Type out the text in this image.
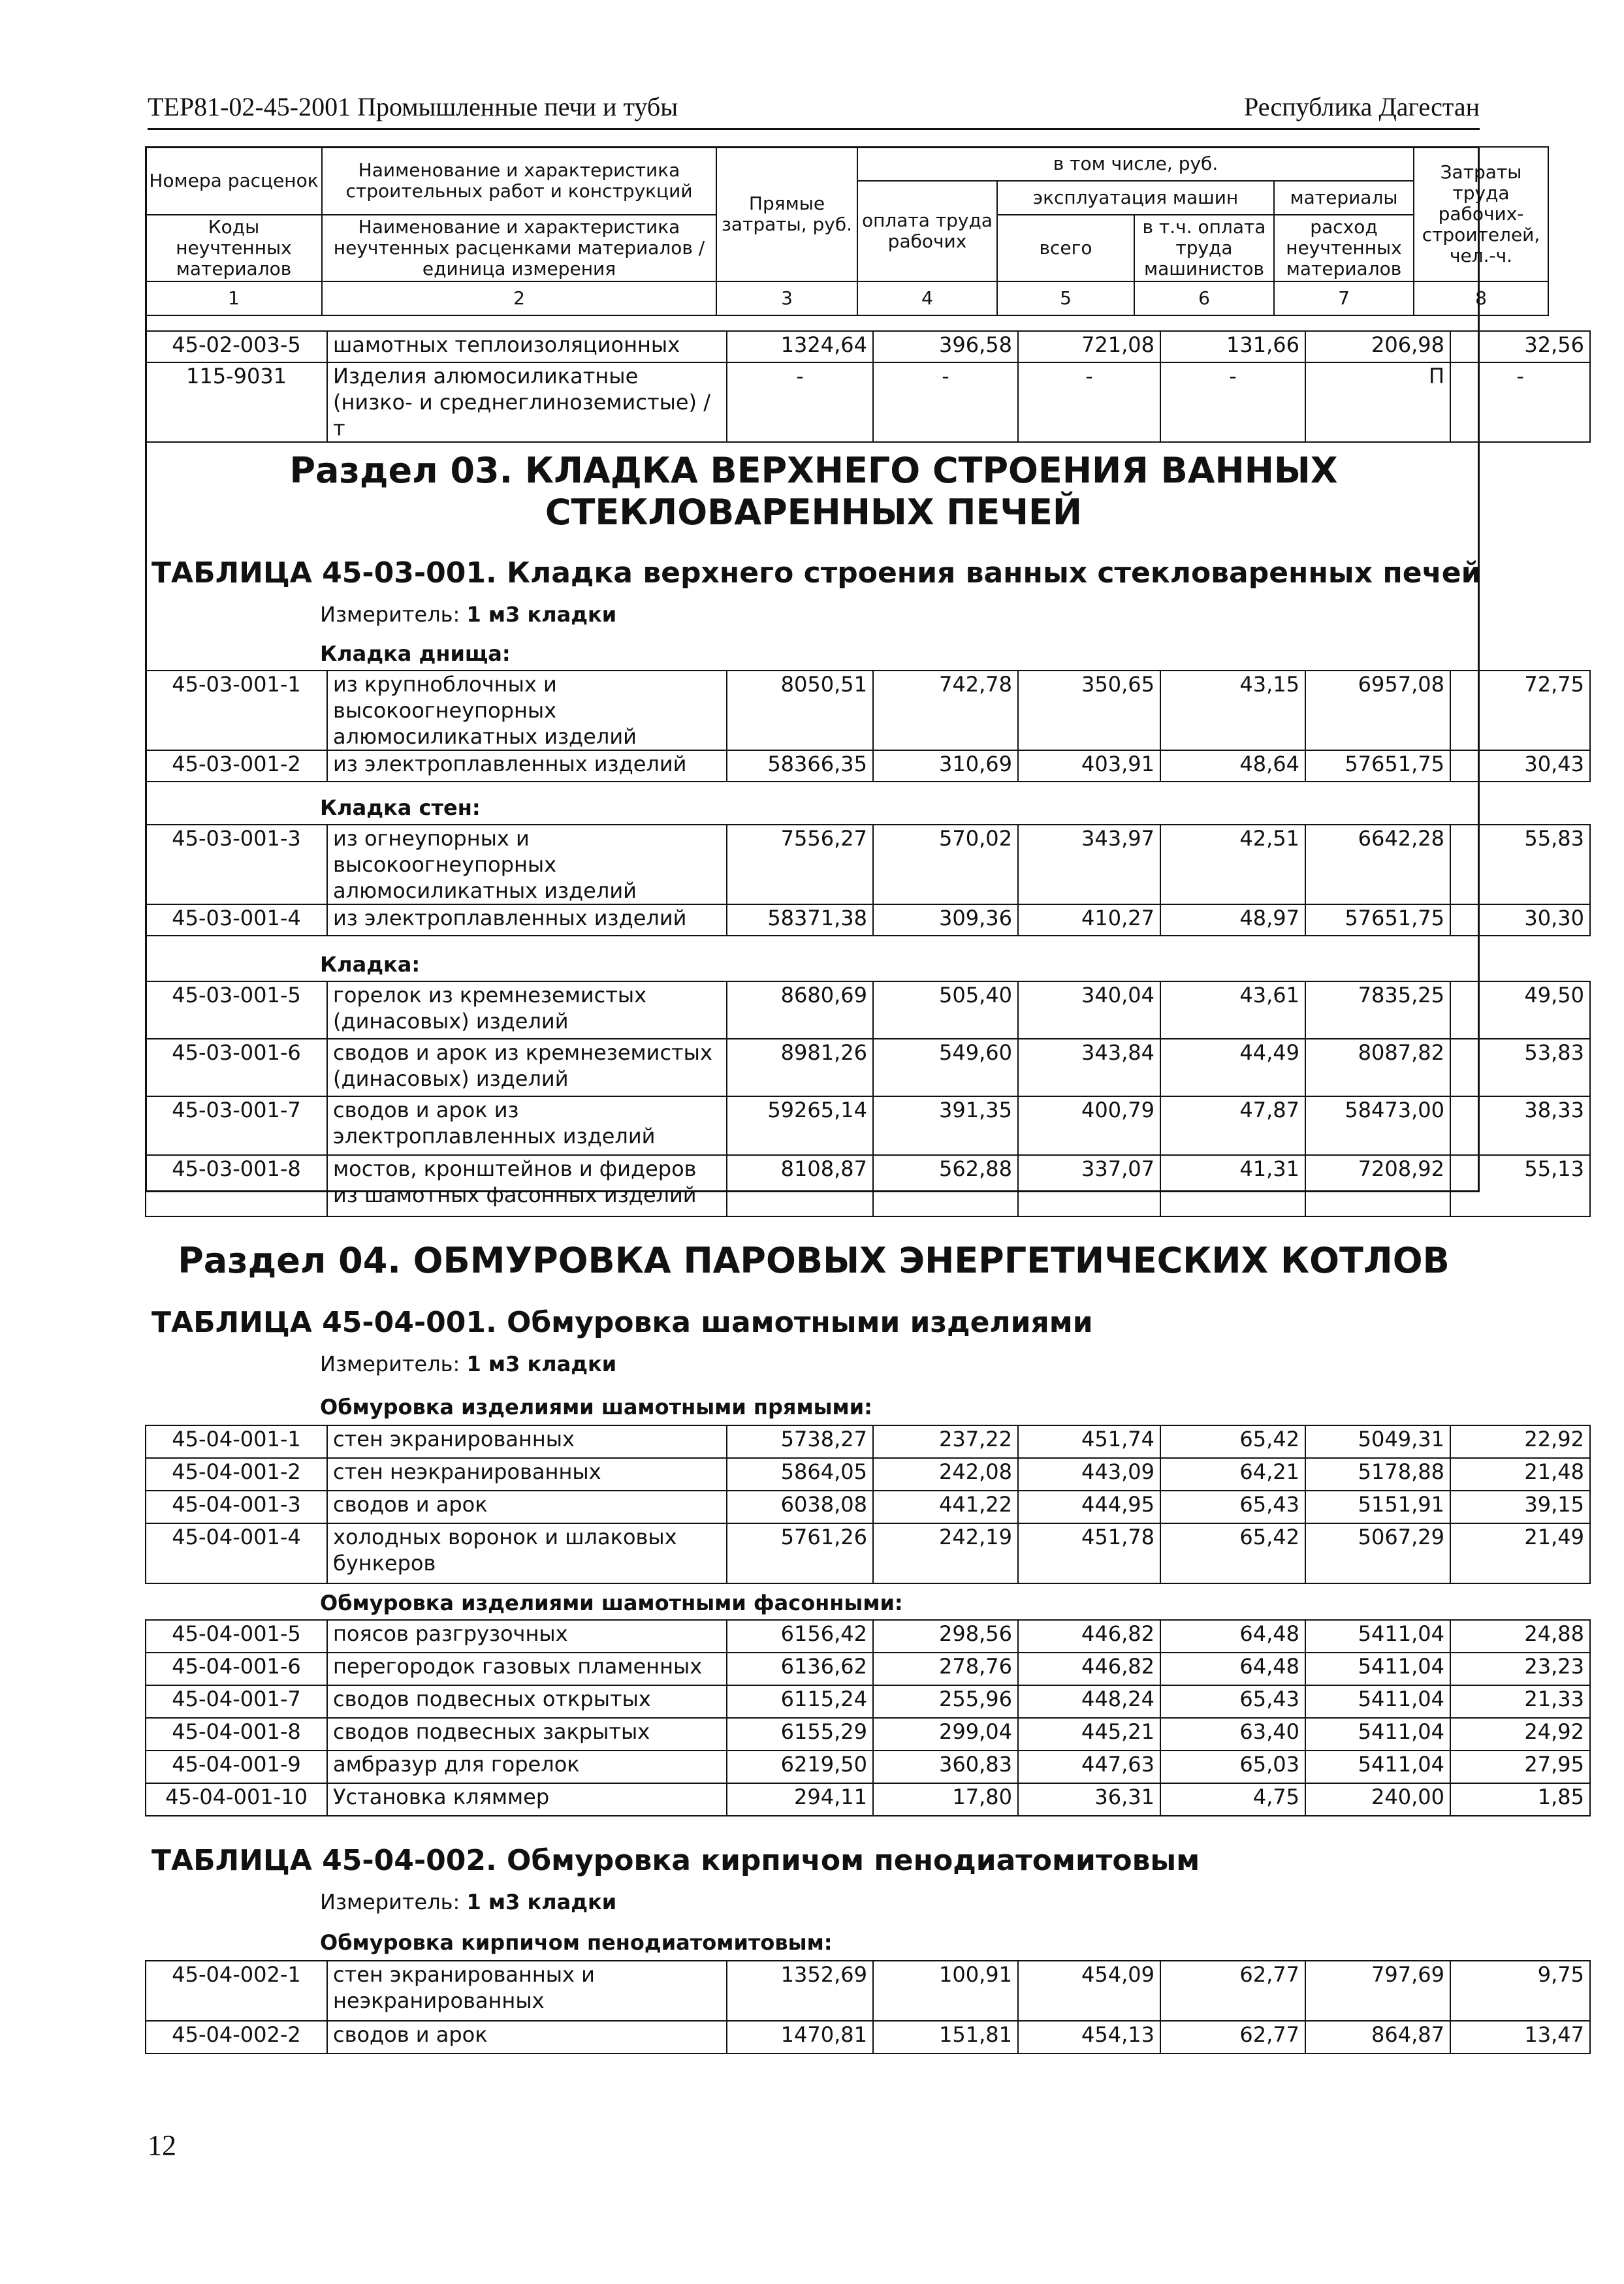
ТЕР81-02-45-2001 Промышленные печи и тубы	Республика Дагестан
Номера расценок	Наименование и характеристика строительных работ и конструкций	Прямые затраты, руб.	в том числе, руб.				Затраты труда рабочих-строителей, чел.-ч.
			оплата труда рабочих	эксплуатация машин		материалы	
Коды неучтенных материалов	Наименование и характеристика неучтенных расценками материалов / единица измерения			всего	в т.ч. оплата труда машинистов	расход неучтенных материалов	

1	2	3	4	5	6	7	8
45-02-003-5	шамотных теплоизоляционных	1324,64	396,58	721,08	131,66	206,98	32,56
115-9031	Изделия алюмосиликатные (низко- и среднеглиноземистые) / т	-	-	-	-	П	-
Раздел 03. КЛАДКА ВЕРХНЕГО СТРОЕНИЯ ВАННЫХ
СТЕКЛОВАРЕННЫХ ПЕЧЕЙ
ТАБЛИЦА 45-03-001. Кладка верхнего строения ванных стекловаренных печей
Измеритель: 1 м3 кладки
Кладка днища:
45-03-001-1	из крупноблочных и высокоогнеупорных алюмосиликатных изделий	8050,51	742,78	350,65	43,15	6957,08	72,75
45-03-001-2	из электроплавленных изделий	58366,35	310,69	403,91	48,64	57651,75	30,43
Кладка стен:
45-03-001-3	из огнеупорных и высокоогнеупорных алюмосиликатных изделий	7556,27	570,02	343,97	42,51	6642,28	55,83
45-03-001-4	из электроплавленных изделий	58371,38	309,36	410,27	48,97	57651,75	30,30
Кладка:
45-03-001-5	горелок из кремнеземистых (динасовых) изделий	8680,69	505,40	340,04	43,61	7835,25	49,50
45-03-001-6	сводов и арок из кремнеземистых (динасовых) изделий	8981,26	549,60	343,84	44,49	8087,82	53,83
45-03-001-7	сводов и арок из электроплавленных изделий	59265,14	391,35	400,79	47,87	58473,00	38,33
45-03-001-8	мостов, кронштейнов и фидеров из шамотных фасонных изделий	8108,87	562,88	337,07	41,31	7208,92	55,13
Раздел 04. ОБМУРОВКА ПАРОВЫХ ЭНЕРГЕТИЧЕСКИХ КОТЛОВ
ТАБЛИЦА 45-04-001. Обмуровка шамотными изделиями
Измеритель: 1 м3 кладки
Обмуровка изделиями шамотными прямыми:
45-04-001-1	стен экранированных	5738,27	237,22	451,74	65,42	5049,31	22,92
45-04-001-2	стен неэкранированных	5864,05	242,08	443,09	64,21	5178,88	21,48
45-04-001-3	сводов и арок	6038,08	441,22	444,95	65,43	5151,91	39,15
45-04-001-4	холодных воронок и шлаковых бункеров	5761,26	242,19	451,78	65,42	5067,29	21,49
Обмуровка изделиями шамотными фасонными:
45-04-001-5	поясов разгрузочных	6156,42	298,56	446,82	64,48	5411,04	24,88
45-04-001-6	перегородок газовых пламенных	6136,62	278,76	446,82	64,48	5411,04	23,23
45-04-001-7	сводов подвесных открытых	6115,24	255,96	448,24	65,43	5411,04	21,33
45-04-001-8	сводов подвесных закрытых	6155,29	299,04	445,21	63,40	5411,04	24,92
45-04-001-9	амбразур для горелок	6219,50	360,83	447,63	65,03	5411,04	27,95
45-04-001-10	Установка кляммер	294,11	17,80	36,31	4,75	240,00	1,85
ТАБЛИЦА 45-04-002. Обмуровка кирпичом пенодиатомитовым
Измеритель: 1 м3 кладки
Обмуровка кирпичом пенодиатомитовым:
45-04-002-1	стен экранированных и неэкранированных	1352,69	100,91	454,09	62,77	797,69	9,75
45-04-002-2	сводов и арок	1470,81	151,81	454,13	62,77	864,87	13,47
12
